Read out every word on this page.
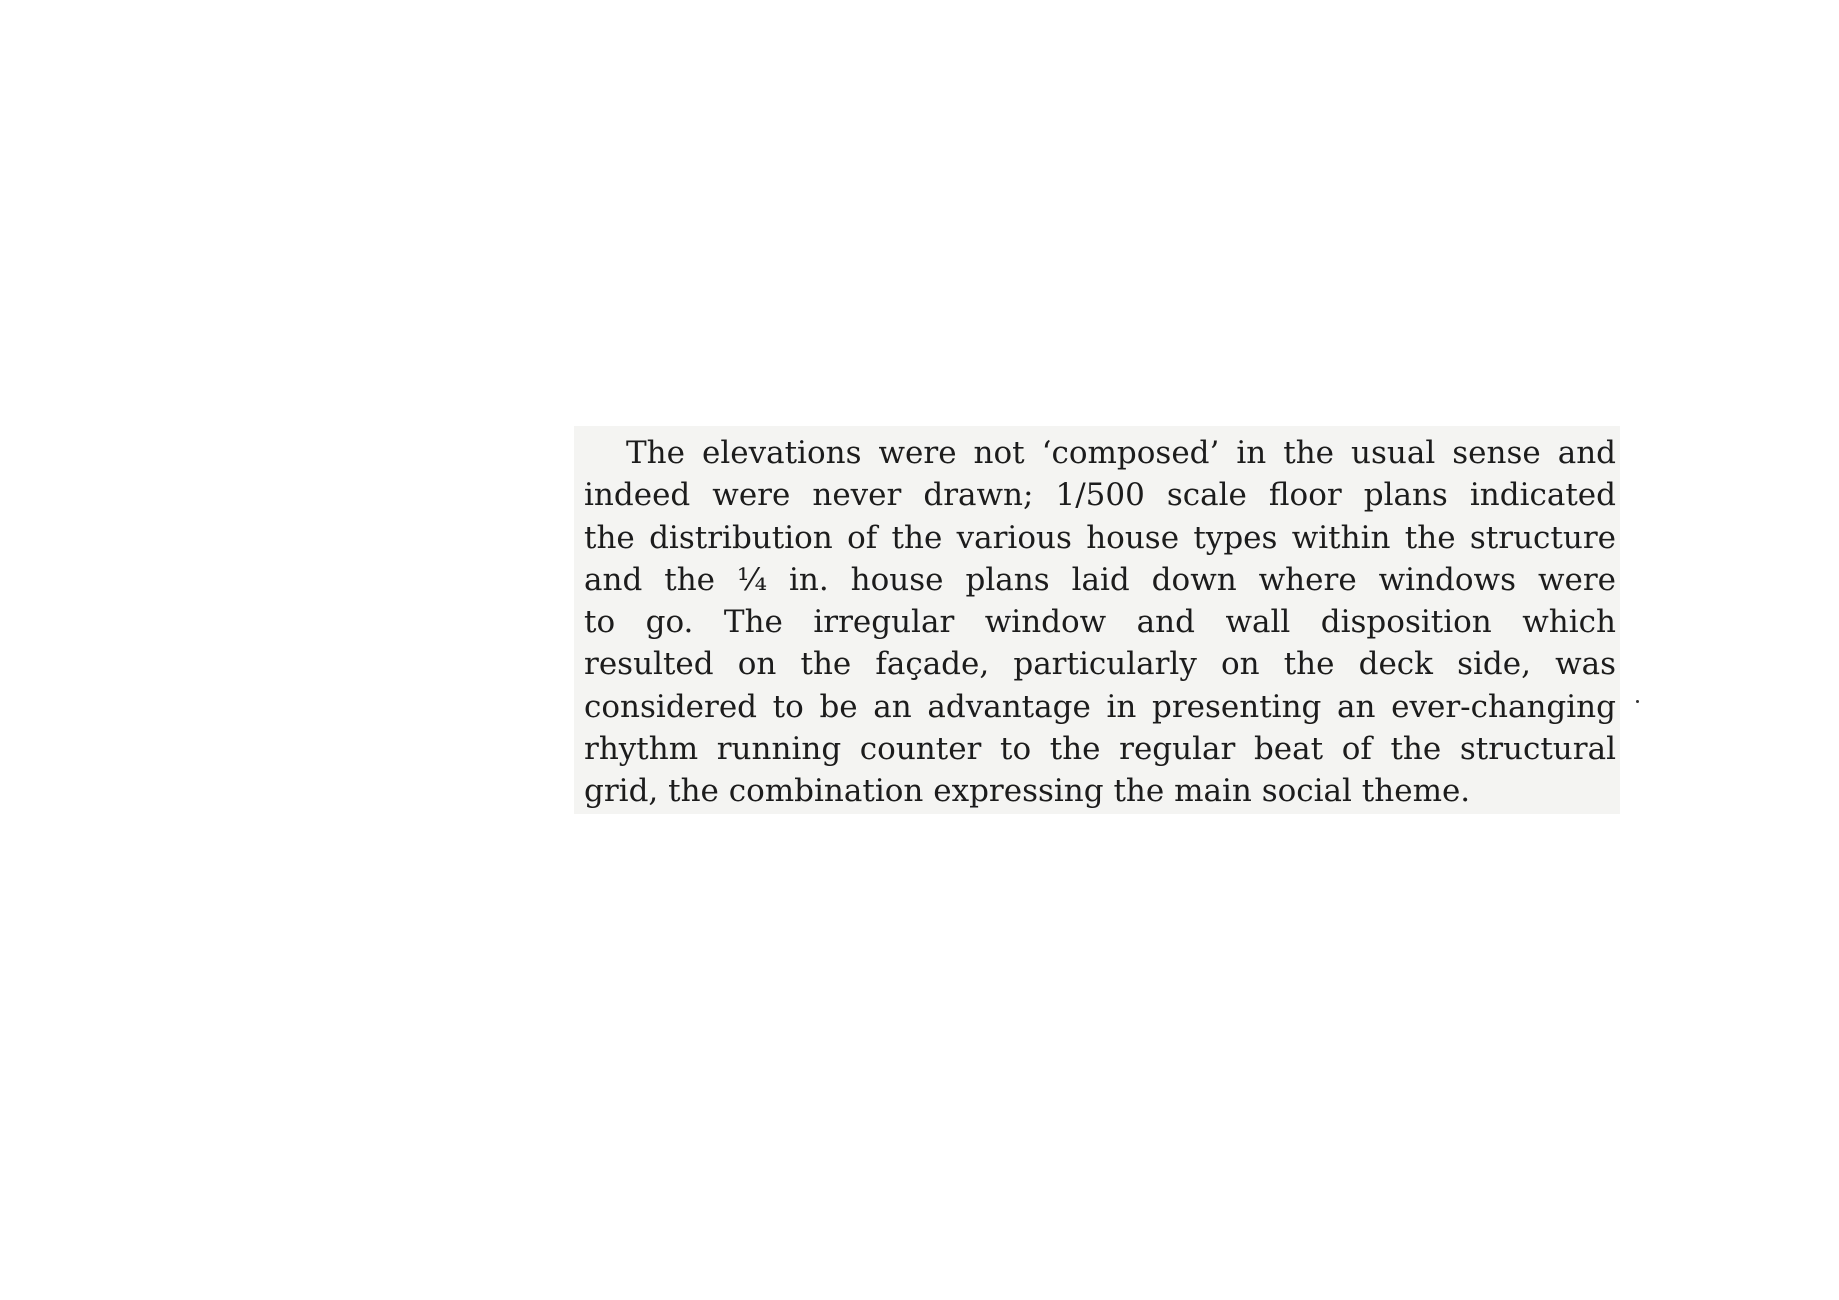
The elevations were not ‘composed’ in the usual sense and
indeed were never drawn; 1/500 scale floor plans indicated
the distribution of the various house types within the structure
and the ¼ in. house plans laid down where windows were
to go. The irregular window and wall disposition which
resulted on the façade, particularly on the deck side, was
considered to be an advantage in presenting an ever-changing
rhythm running counter to the regular beat of the structural
grid, the combination expressing the main social theme.
